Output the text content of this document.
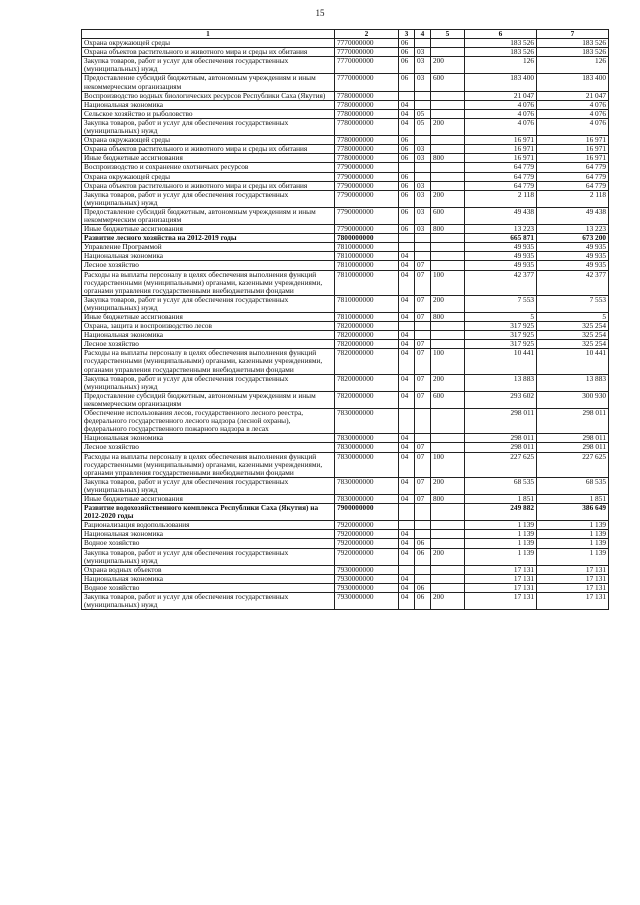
15
1	2	3	4	5	6	7
Охрана окружающей среды	7770000000	06			183 526	183 526
Охрана объектов растительного и животного мира и среды их обитания	7770000000	06	03		183 526	183 526
Закупка товаров, работ и услуг для обеспечения государственных (муниципальных) нужд	7770000000	06	03	200	126	126
Предоставление субсидий бюджетным, автономным учреждениям и иным некоммерческим организациям	7770000000	06	03	600	183 400	183 400
Воспроизводство водных биологических ресурсов Республики Саха (Якутия)	7780000000				21 047	21 047
Национальная экономика	7780000000	04			4 076	4 076
Сельское хозяйство и рыболовство	7780000000	04	05		4 076	4 076
Закупка товаров, работ и услуг для обеспечения государственных (муниципальных) нужд	7780000000	04	05	200	4 076	4 076
Охрана окружающей среды	7780000000	06			16 971	16 971
Охрана объектов растительного и животного мира и среды их обитания	7780000000	06	03		16 971	16 971
Иные бюджетные ассигнования	7780000000	06	03	800	16 971	16 971
Воспроизводство и сохранение охотничьих ресурсов	7790000000				64 779	64 779
Охрана окружающей среды	7790000000	06			64 779	64 779
Охрана объектов растительного и животного мира и среды их обитания	7790000000	06	03		64 779	64 779
Закупка товаров, работ и услуг для обеспечения государственных (муниципальных) нужд	7790000000	06	03	200	2 118	2 118
Предоставление субсидий бюджетным, автономным учреждениям и иным некоммерческим организациям	7790000000	06	03	600	49 438	49 438
Иные бюджетные ассигнования	7790000000	06	03	800	13 223	13 223
Развитие лесного хозяйства на 2012-2019 годы	7800000000				665 871	673 200
Управление Программой	7810000000				49 935	49 935
Национальная экономика	7810000000	04			49 935	49 935
Лесное хозяйство	7810000000	04	07		49 935	49 935
Расходы на выплаты персоналу в целях обеспечения выполнения функций государственными (муниципальными) органами, казенными учреждениями, органами управления государственными внебюджетными фондами	7810000000	04	07	100	42 377	42 377
Закупка товаров, работ и услуг для обеспечения государственных (муниципальных) нужд	7810000000	04	07	200	7 553	7 553
Иные бюджетные ассигнования	7810000000	04	07	800	5	5
Охрана, защита и воспроизводство лесов	7820000000				317 925	325 254
Национальная экономика	7820000000	04			317 925	325 254
Лесное хозяйство	7820000000	04	07		317 925	325 254
Расходы на выплаты персоналу в целях обеспечения выполнения функций государственными (муниципальными) органами, казенными учреждениями, органами управления государственными внебюджетными фондами	7820000000	04	07	100	10 441	10 441
Закупка товаров, работ и услуг для обеспечения государственных (муниципальных) нужд	7820000000	04	07	200	13 883	13 883
Предоставление субсидий бюджетным, автономным учреждениям и иным некоммерческим организациям	7820000000	04	07	600	293 602	300 930
Обеспечение использования лесов, государственного лесного реестра, федерального государственного лесного надзора (лесной охраны), федерального государственного пожарного надзора в лесах	7830000000				298 011	298 011
Национальная экономика	7830000000	04			298 011	298 011
Лесное хозяйство	7830000000	04	07		298 011	298 011
Расходы на выплаты персоналу в целях обеспечения выполнения функций государственными (муниципальными) органами, казенными учреждениями, органами управления государственными внебюджетными фондами	7830000000	04	07	100	227 625	227 625
Закупка товаров, работ и услуг для обеспечения государственных (муниципальных) нужд	7830000000	04	07	200	68 535	68 535
Иные бюджетные ассигнования	7830000000	04	07	800	1 851	1 851
Развитие водохозяйственного комплекса Республики Саха (Якутия) на 2012-2020 годы	7900000000				249 882	386 649
Рационализация водопользования	7920000000				1 139	1 139
Национальная экономика	7920000000	04			1 139	1 139
Водное хозяйство	7920000000	04	06		1 139	1 139
Закупка товаров, работ и услуг для обеспечения государственных (муниципальных) нужд	7920000000	04	06	200	1 139	1 139
Охрана водных объектов	7930000000				17 131	17 131
Национальная экономика	7930000000	04			17 131	17 131
Водное хозяйство	7930000000	04	06		17 131	17 131
Закупка товаров, работ и услуг для обеспечения государственных (муниципальных) нужд	7930000000	04	06	200	17 131	17 131
